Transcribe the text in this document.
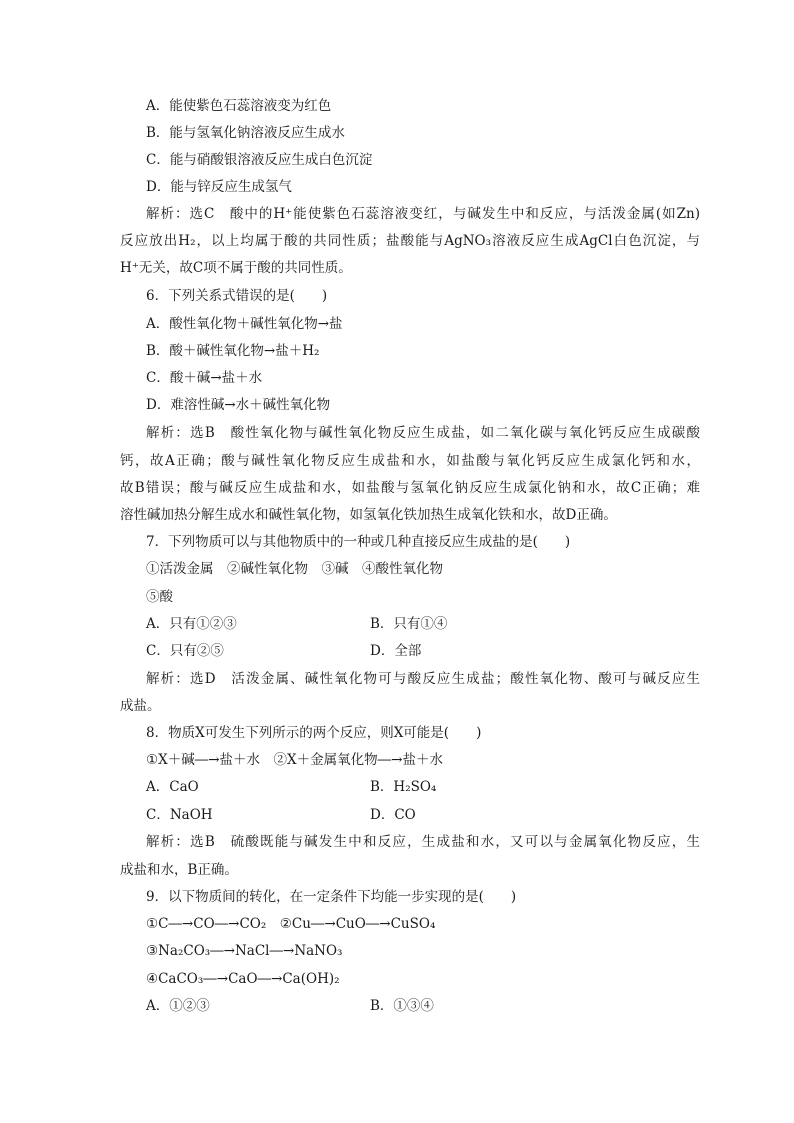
A．能使紫色石蕊溶液变为红色
B．能与氢氧化钠溶液反应生成水
C．能与硝酸银溶液反应生成白色沉淀
D．能与锌反应生成氢气
解析：选C　酸中的H⁺能使紫色石蕊溶液变红，与碱发生中和反应，与活泼金属(如Zn)
反应放出H₂，以上均属于酸的共同性质；盐酸能与AgNO₃溶液反应生成AgCl白色沉淀，与
H⁺无关，故C项不属于酸的共同性质。
6．下列关系式错误的是(　　)
A．酸性氧化物＋碱性氧化物→盐
B．酸＋碱性氧化物→盐＋H₂
C．酸＋碱→盐＋水
D．难溶性碱→水＋碱性氧化物
解析：选B　酸性氧化物与碱性氧化物反应生成盐，如二氧化碳与氧化钙反应生成碳酸
钙，故A正确；酸与碱性氧化物反应生成盐和水，如盐酸与氧化钙反应生成氯化钙和水，
故B错误；酸与碱反应生成盐和水，如盐酸与氢氧化钠反应生成氯化钠和水，故C正确；难
溶性碱加热分解生成水和碱性氧化物，如氢氧化铁加热生成氧化铁和水，故D正确。
7．下列物质可以与其他物质中的一种或几种直接反应生成盐的是(　　)
①活泼金属　②碱性氧化物　③碱　④酸性氧化物
⑤酸
A．只有①②③	B．只有①④
C．只有②⑤	D．全部
解析：选D　活泼金属、碱性氧化物可与酸反应生成盐；酸性氧化物、酸可与碱反应生
成盐。
8．物质X可发生下列所示的两个反应，则X可能是(　　)
①X＋碱―→盐＋水　②X＋金属氧化物―→盐＋水
A．CaO	B．H₂SO₄
C．NaOH	D．CO
解析：选B　硫酸既能与碱发生中和反应，生成盐和水，又可以与金属氧化物反应，生
成盐和水，B正确。
9．以下物质间的转化，在一定条件下均能一步实现的是(　　)
①C―→CO―→CO₂　②Cu―→CuO―→CuSO₄
③Na₂CO₃―→NaCl―→NaNO₃
④CaCO₃―→CaO―→Ca(OH)₂
A．①②③	B．①③④
